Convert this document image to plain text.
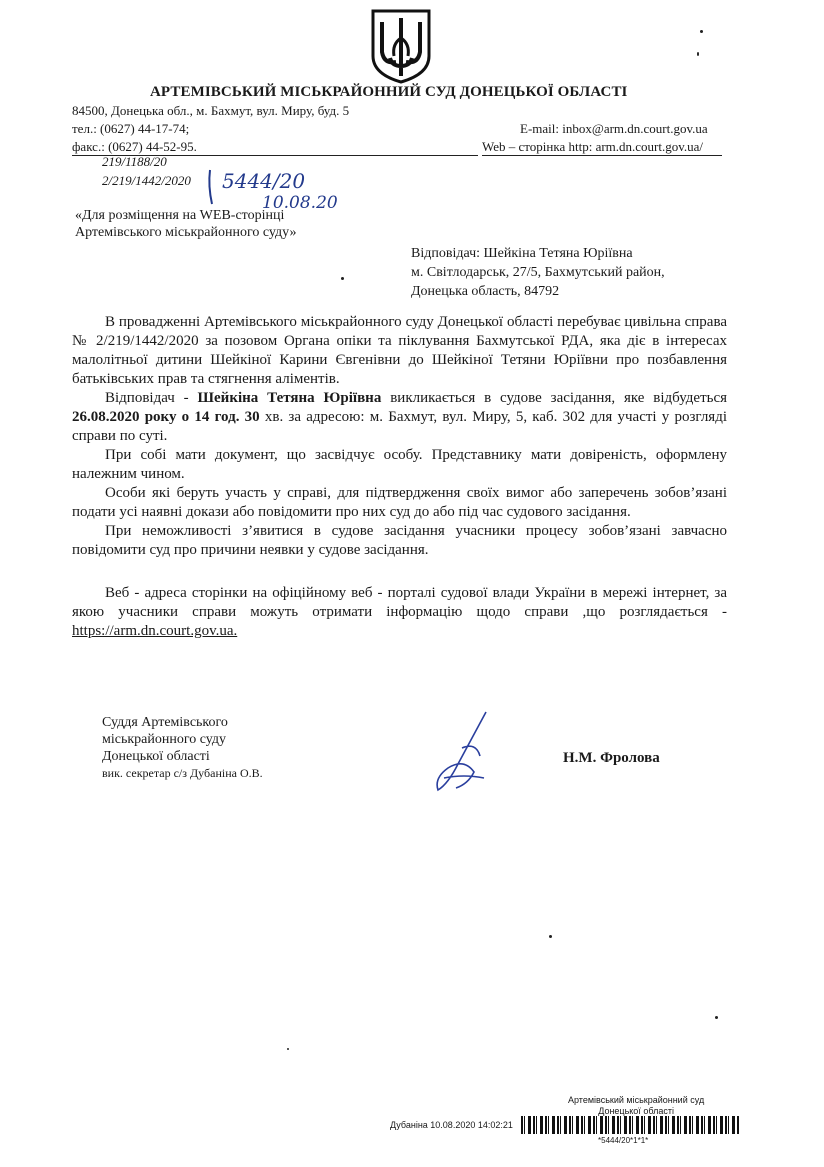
АРТЕМІВСЬКИЙ МІСЬКРАЙОННИЙ СУД ДОНЕЦЬКОЇ ОБЛАСТІ
84500, Донецька обл., м. Бахмут, вул. Миру, буд. 5
тел.: (0627) 44-17-74;
факс.: (0627) 44-52-95.
E-mail: inbox@arm.dn.court.gov.ua
Web – сторінка http: arm.dn.court.gov.ua/
219/1188/20
2/219/1442/2020 5444/20
10.08.20
«Для розміщення на WEB-сторінці
Артемівського міськрайонного суду»
Відповідач: Шейкіна Тетяна Юріївна
м. Світлодарськ, 27/5, Бахмутський район,
Донецька область, 84792

В провадженні Артемівського міськрайонного суду Донецької області перебуває цивільна справа № 2/219/1442/2020 за позовом Органа опіки та піклування Бахмутської РДА, яка діє в інтересах малолітньої дитини Шейкіної Карини Євгенівни до Шейкіної Тетяни Юріївни про позбавлення батьківських прав та стягнення аліментів.

Відповідач - Шейкіна Тетяна Юріївна викликається в судове засідання, яке відбудеться 26.08.2020 року о 14 год. 30 хв. за адресою: м. Бахмут, вул. Миру, 5, каб. 302 для участі у розгляді справи по суті.

При собі мати документ, що засвідчує особу. Представнику мати довіреність, оформлену належним чином.

Особи які беруть участь у справі, для підтвердження своїх вимог або заперечень зобов’язані подати усі наявні докази або повідомити про них суд до або під час судового засідання.

При неможливості з’явитися в судове засідання учасники процесу зобов’язані завчасно повідомити суд про причини неявки у судове засідання.

Веб - адреса сторінки на офіційному веб - порталі судової влади України в мережі інтернет, за якою учасники справи можуть отримати інформацію щодо справи ,що розглядається - https://arm.dn.court.gov.ua.

Суддя Артемівського
міськрайонного суду
Донецької області
вик. секретар с/з Дубаніна О.В.
Н.М. Фролова
Артемівський міськрайонний суд
Донецької області
Дубаніна 10.08.2020 14:02:21
*5444/20*1*1*
